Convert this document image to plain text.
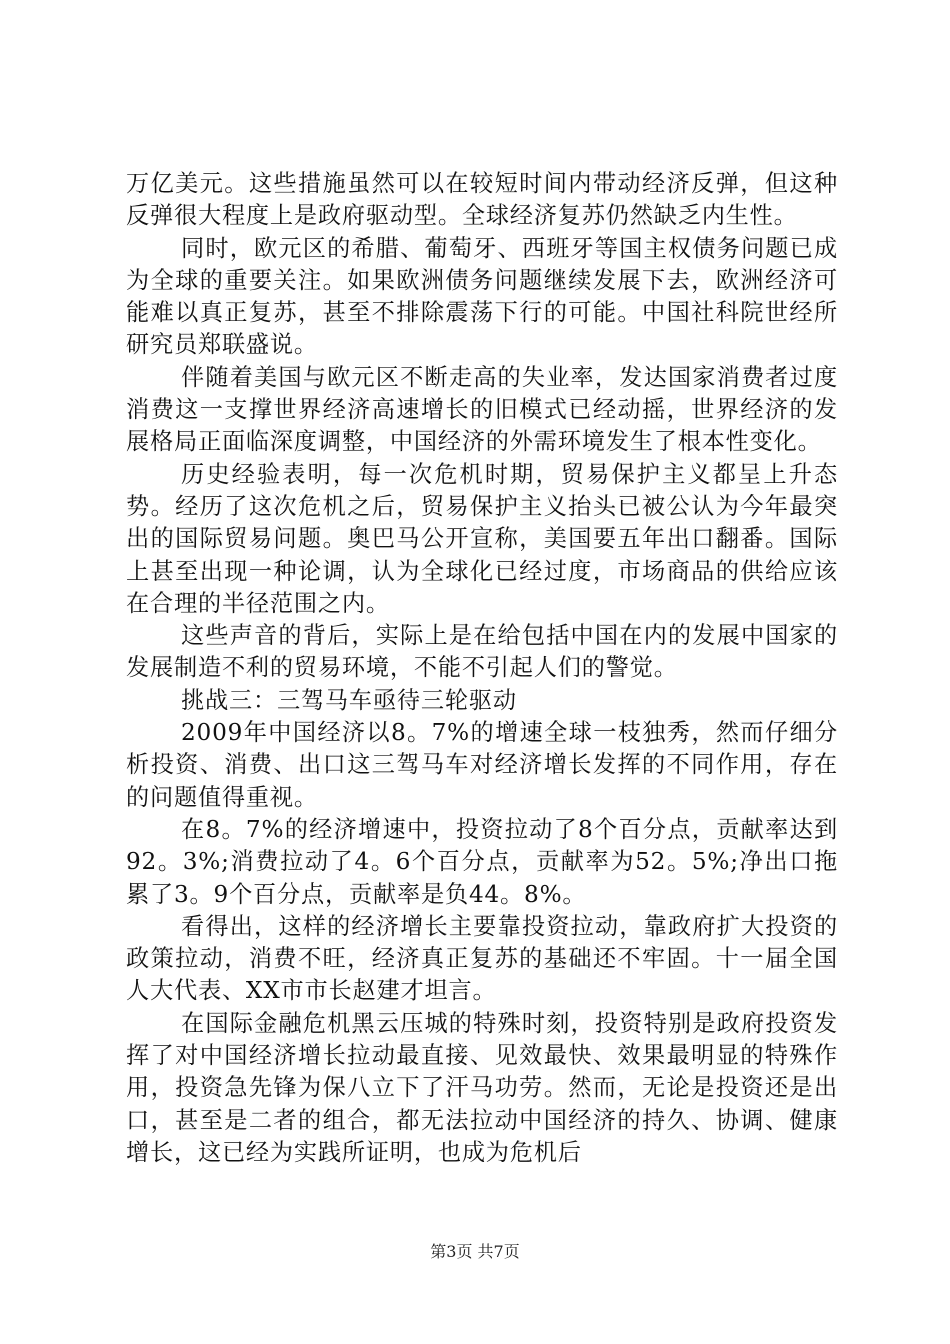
万亿美元。这些措施虽然可以在较短时间内带动经济反弹，但这种反弹很大程度上是政府驱动型。全球经济复苏仍然缺乏内生性。

同时，欧元区的希腊、葡萄牙、西班牙等国主权债务问题已成为全球的重要关注。如果欧洲债务问题继续发展下去，欧洲经济可能难以真正复苏，甚至不排除震荡下行的可能。中国社科院世经所研究员郑联盛说。

伴随着美国与欧元区不断走高的失业率，发达国家消费者过度消费这一支撑世界经济高速增长的旧模式已经动摇，世界经济的发展格局正面临深度调整，中国经济的外需环境发生了根本性变化。

历史经验表明，每一次危机时期，贸易保护主义都呈上升态势。经历了这次危机之后，贸易保护主义抬头已被公认为今年最突出的国际贸易问题。奥巴马公开宣称，美国要五年出口翻番。国际上甚至出现一种论调，认为全球化已经过度，市场商品的供给应该在合理的半径范围之内。

这些声音的背后，实际上是在给包括中国在内的发展中国家的发展制造不利的贸易环境，不能不引起人们的警觉。

挑战三：三驾马车亟待三轮驱动

2009年中国经济以8。7%的增速全球一枝独秀，然而仔细分析投资、消费、出口这三驾马车对经济增长发挥的不同作用，存在的问题值得重视。

在8。7%的经济增速中，投资拉动了8个百分点，贡献率达到92。3%;消费拉动了4。6个百分点，贡献率为52。5%;净出口拖累了3。9个百分点，贡献率是负44。8%。

看得出，这样的经济增长主要靠投资拉动，靠政府扩大投资的政策拉动，消费不旺，经济真正复苏的基础还不牢固。十一届全国人大代表、XX市市长赵建才坦言。

在国际金融危机黑云压城的特殊时刻，投资特别是政府投资发挥了对中国经济增长拉动最直接、见效最快、效果最明显的特殊作用，投资急先锋为保八立下了汗马功劳。然而，无论是投资还是出口，甚至是二者的组合，都无法拉动中国经济的持久、协调、健康增长，这已经为实践所证明，也成为危机后

第3页 共7页
